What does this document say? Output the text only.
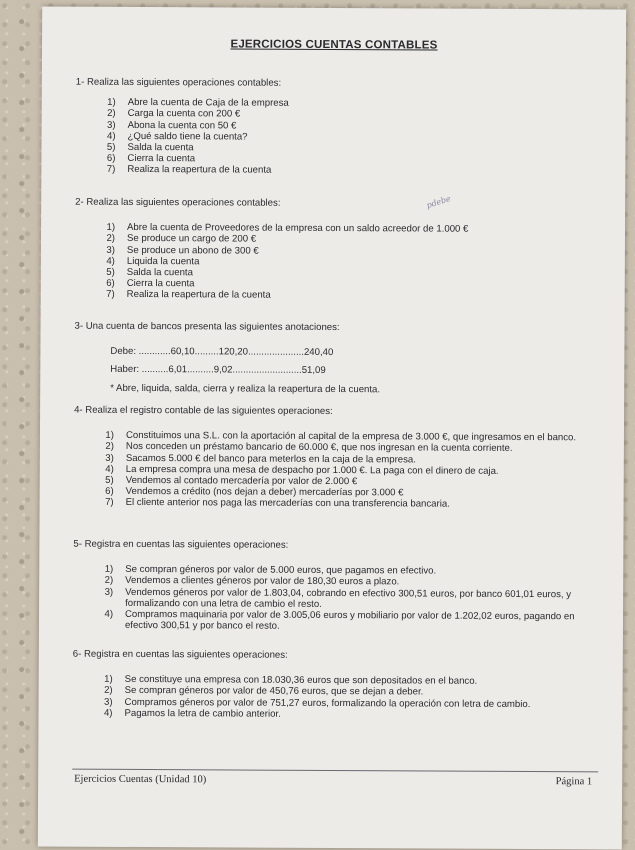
EJERCICIOS CUENTAS CONTABLES
pdebe
1- Realiza las siguientes operaciones contables:
1) Abre la cuenta de Caja de la empresa
2) Carga la cuenta con 200 €
3) Abona la cuenta con 50 €
4) ¿Qué saldo tiene la cuenta?
5) Salda la cuenta
6) Cierra la cuenta
7) Realiza la reapertura de la cuenta
2- Realiza las siguientes operaciones contables:
1) Abre la cuenta de Proveedores de la empresa con un saldo acreedor de 1.000 €
2) Se produce un cargo de 200 €
3) Se produce un abono de 300 €
4) Liquida la cuenta
5) Salda la cuenta
6) Cierra la cuenta
7) Realiza la reapertura de la cuenta
3- Una cuenta de bancos presenta las siguientes anotaciones:
Debe: ............60,10.........120,20.....................240,40
Haber: ..........6,01..........9,02..........................51,09
* Abre, liquida, salda, cierra y realiza la reapertura de la cuenta.
4- Realiza el registro contable de las siguientes operaciones:
1) Constituimos una S.L. con la aportación al capital de la empresa de 3.000 €, que ingresamos en el banco.
2) Nos conceden un préstamo bancario de 60.000 €, que nos ingresan en la cuenta corriente.
3) Sacamos 5.000 € del banco para meterlos en la caja de la empresa.
4) La empresa compra una mesa de despacho por 1.000 €. La paga con el dinero de caja.
5) Vendemos al contado mercadería por valor de 2.000 €
6) Vendemos a crédito (nos dejan a deber) mercaderías por 3.000 €
7) El cliente anterior nos paga las mercaderías con una transferencia bancaria.
5- Registra en cuentas las siguientes operaciones:
1) Se compran géneros por valor de 5.000 euros, que pagamos en efectivo.
2) Vendemos a clientes géneros por valor de 180,30 euros a plazo.
3) Vendemos géneros por valor de 1.803,04, cobrando en efectivo 300,51 euros, por banco 601,01 euros, y formalizando con una letra de cambio el resto.
4) Compramos maquinaria por valor de 3.005,06 euros y mobiliario por valor de 1.202,02 euros, pagando en efectivo 300,51 y por banco el resto.
6- Registra en cuentas las siguientes operaciones:
1) Se constituye una empresa con 18.030,36 euros que son depositados en el banco.
2) Se compran géneros por valor de 450,76 euros, que se dejan a deber.
3) Compramos géneros por valor de 751,27 euros, formalizando la operación con letra de cambio.
4) Pagamos la letra de cambio anterior.
Ejercicios Cuentas (Unidad 10)	Página 1
